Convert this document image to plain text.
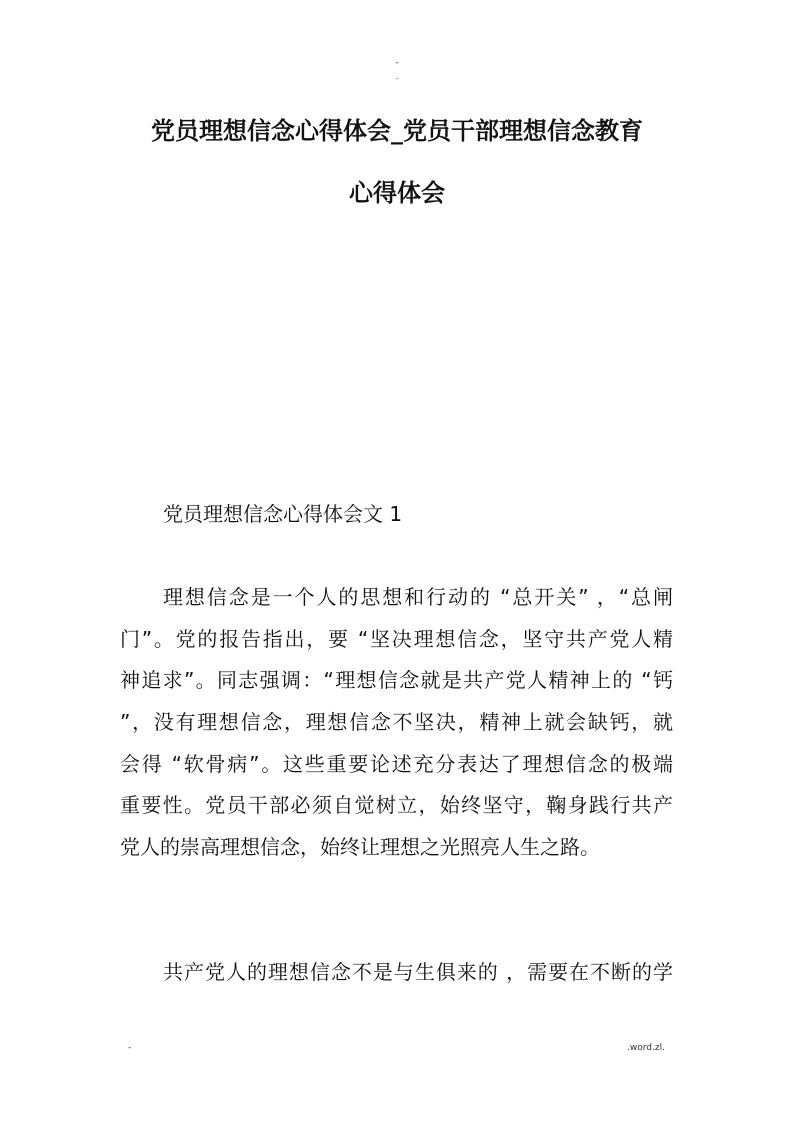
-
.
党员理想信念心得体会_党员干部理想信念教育
心得体会
党员理想信念心得体会文 1
理想信念是一个人的思想和行动的 “总开关” ，“总闸
门”。党的报告指出，要 “坚决理想信念，坚守共产党人精
神追求”。同志强调：“理想信念就是共产党人精神上的 “钙
”，没有理想信念，理想信念不坚决，精神上就会缺钙，就
会得 “软骨病”。这些重要论述充分表达了理想信念的极端
重要性。党员干部必须自觉树立，始终坚守，鞠身践行共产
党人的崇高理想信念，始终让理想之光照亮人生之路。
共产党人的理想信念不是与生俱来的 ，需要在不断的学
-	.word.zl.
